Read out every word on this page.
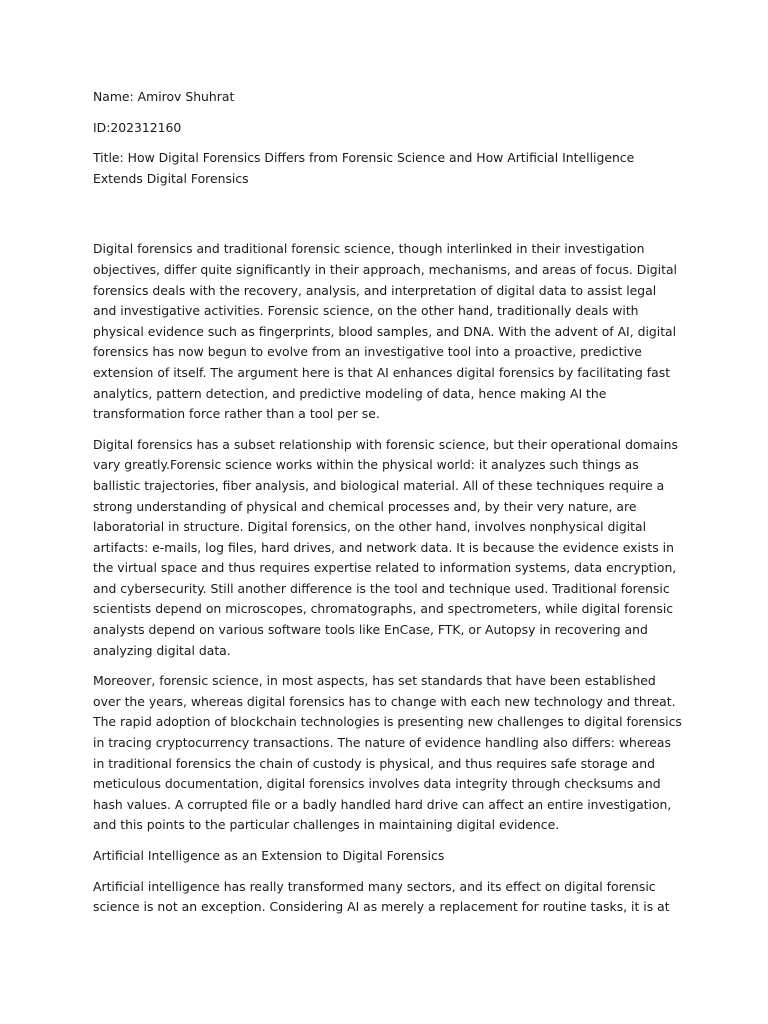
Name: Amirov Shuhrat

ID:202312160

Title: How Digital Forensics Differs from Forensic Science and How Artificial Intelligence Extends Digital Forensics

Digital forensics and traditional forensic science, though interlinked in their investigation objectives, differ quite significantly in their approach, mechanisms, and areas of focus. Digital forensics deals with the recovery, analysis, and interpretation of digital data to assist legal and investigative activities. Forensic science, on the other hand, traditionally deals with physical evidence such as fingerprints, blood samples, and DNA. With the advent of AI, digital forensics has now begun to evolve from an investigative tool into a proactive, predictive extension of itself. The argument here is that AI enhances digital forensics by facilitating fast analytics, pattern detection, and predictive modeling of data, hence making AI the transformation force rather than a tool per se.

Digital forensics has a subset relationship with forensic science, but their operational domains vary greatly.Forensic science works within the physical world: it analyzes such things as ballistic trajectories, fiber analysis, and biological material. All of these techniques require a strong understanding of physical and chemical processes and, by their very nature, are laboratorial in structure. Digital forensics, on the other hand, involves nonphysical digital artifacts: e-mails, log files, hard drives, and network data. It is because the evidence exists in the virtual space and thus requires expertise related to information systems, data encryption, and cybersecurity. Still another difference is the tool and technique used. Traditional forensic scientists depend on microscopes, chromatographs, and spectrometers, while digital forensic analysts depend on various software tools like EnCase, FTK, or Autopsy in recovering and analyzing digital data.

Moreover, forensic science, in most aspects, has set standards that have been established over the years, whereas digital forensics has to change with each new technology and threat. The rapid adoption of blockchain technologies is presenting new challenges to digital forensics in tracing cryptocurrency transactions. The nature of evidence handling also differs: whereas in traditional forensics the chain of custody is physical, and thus requires safe storage and meticulous documentation, digital forensics involves data integrity through checksums and hash values. A corrupted file or a badly handled hard drive can affect an entire investigation, and this points to the particular challenges in maintaining digital evidence.

Artificial Intelligence as an Extension to Digital Forensics

Artificial intelligence has really transformed many sectors, and its effect on digital forensic science is not an exception. Considering AI as merely a replacement for routine tasks, it is at
